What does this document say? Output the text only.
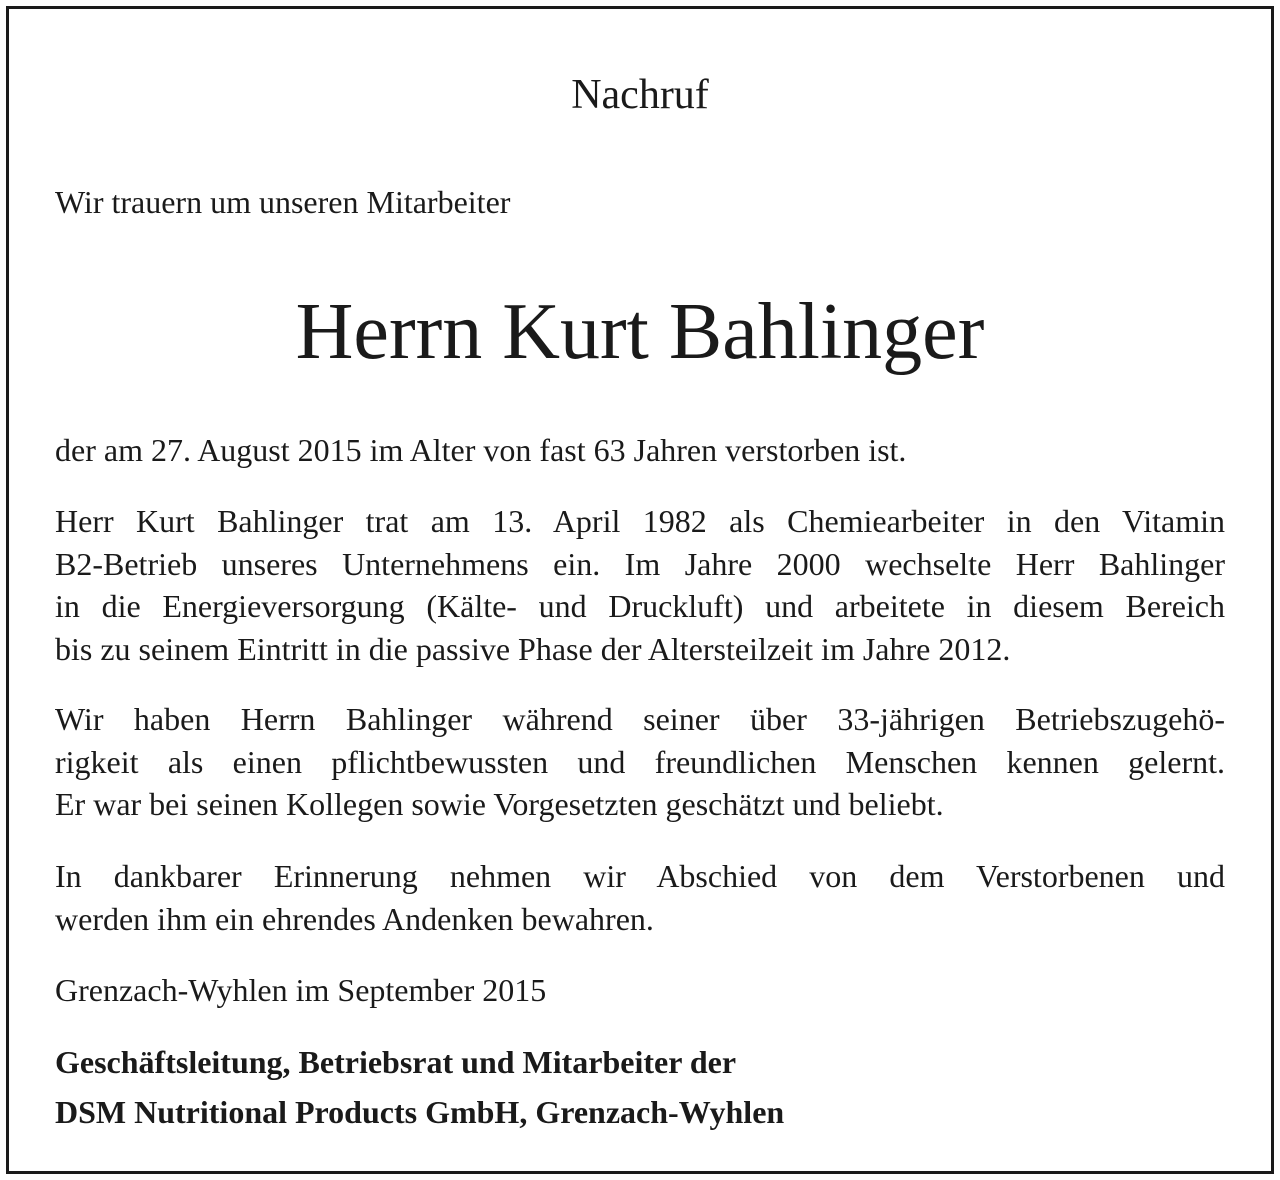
Nachruf
Wir trauern um unseren Mitarbeiter
Herrn Kurt Bahlinger
der am 27. August 2015 im Alter von fast 63 Jahren verstorben ist.
Herr Kurt Bahlinger trat am 13. April 1982 als Chemiearbeiter in den Vitamin
B2-Betrieb unseres Unternehmens ein. Im Jahre 2000 wechselte Herr Bahlinger
in die Energieversorgung (Kälte- und Druckluft) und arbeitete in diesem Bereich
bis zu seinem Eintritt in die passive Phase der Altersteilzeit im Jahre 2012.
Wir haben Herrn Bahlinger während seiner über 33-jährigen Betriebszugehö-
rigkeit als einen pflichtbewussten und freundlichen Menschen kennen gelernt.
Er war bei seinen Kollegen sowie Vorgesetzten geschätzt und beliebt.
In dankbarer Erinnerung nehmen wir Abschied von dem Verstorbenen und
werden ihm ein ehrendes Andenken bewahren.
Grenzach-Wyhlen im September 2015
Geschäftsleitung, Betriebsrat und Mitarbeiter der
DSM Nutritional Products GmbH, Grenzach-Wyhlen
